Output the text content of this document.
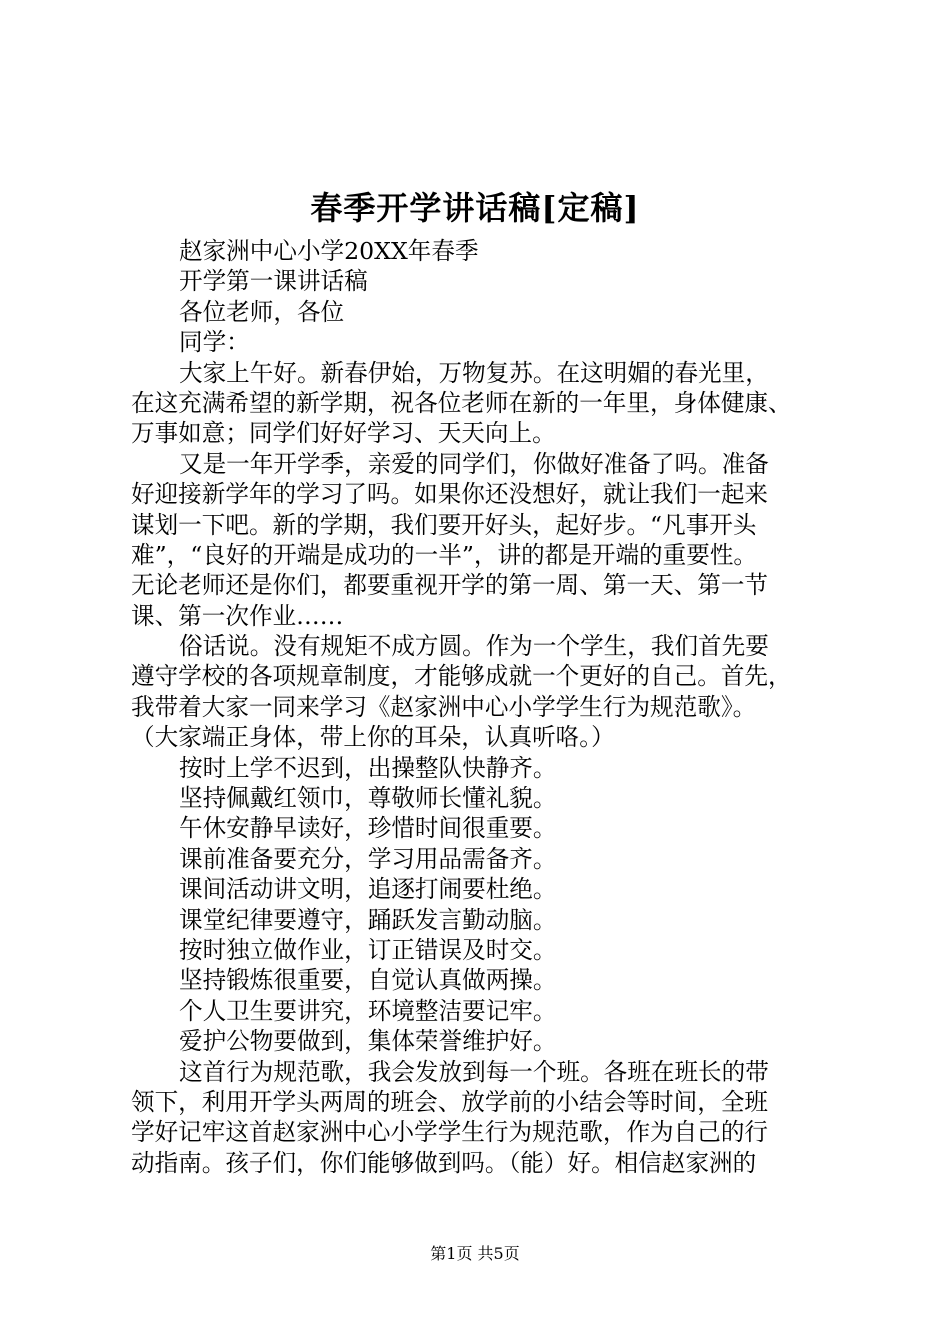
春季开学讲话稿[定稿]
赵家洲中心小学20XX年春季
开学第一课讲话稿
各位老师，各位
同学：
大家上午好。新春伊始，万物复苏。在这明媚的春光里，
在这充满希望的新学期，祝各位老师在新的一年里，身体健康、
万事如意；同学们好好学习、天天向上。
又是一年开学季，亲爱的同学们，你做好准备了吗。准备
好迎接新学年的学习了吗。如果你还没想好，就让我们一起来
谋划一下吧。新的学期，我们要开好头，起好步。“凡事开头
难”，“良好的开端是成功的一半”，讲的都是开端的重要性。
无论老师还是你们，都要重视开学的第一周、第一天、第一节
课、第一次作业……
俗话说。没有规矩不成方圆。作为一个学生，我们首先要
遵守学校的各项规章制度，才能够成就一个更好的自己。首先，
我带着大家一同来学习《赵家洲中心小学学生行为规范歌》。
（大家端正身体，带上你的耳朵，认真听咯。）
按时上学不迟到，出操整队快静齐。
坚持佩戴红领巾，尊敬师长懂礼貌。
午休安静早读好，珍惜时间很重要。
课前准备要充分，学习用品需备齐。
课间活动讲文明，追逐打闹要杜绝。
课堂纪律要遵守，踊跃发言勤动脑。
按时独立做作业，订正错误及时交。
坚持锻炼很重要，自觉认真做两操。
个人卫生要讲究，环境整洁要记牢。
爱护公物要做到，集体荣誉维护好。
这首行为规范歌，我会发放到每一个班。各班在班长的带
领下，利用开学头两周的班会、放学前的小结会等时间，全班
学好记牢这首赵家洲中心小学学生行为规范歌，作为自己的行
动指南。孩子们，你们能够做到吗。（能）好。相信赵家洲的
第1页 共5页
